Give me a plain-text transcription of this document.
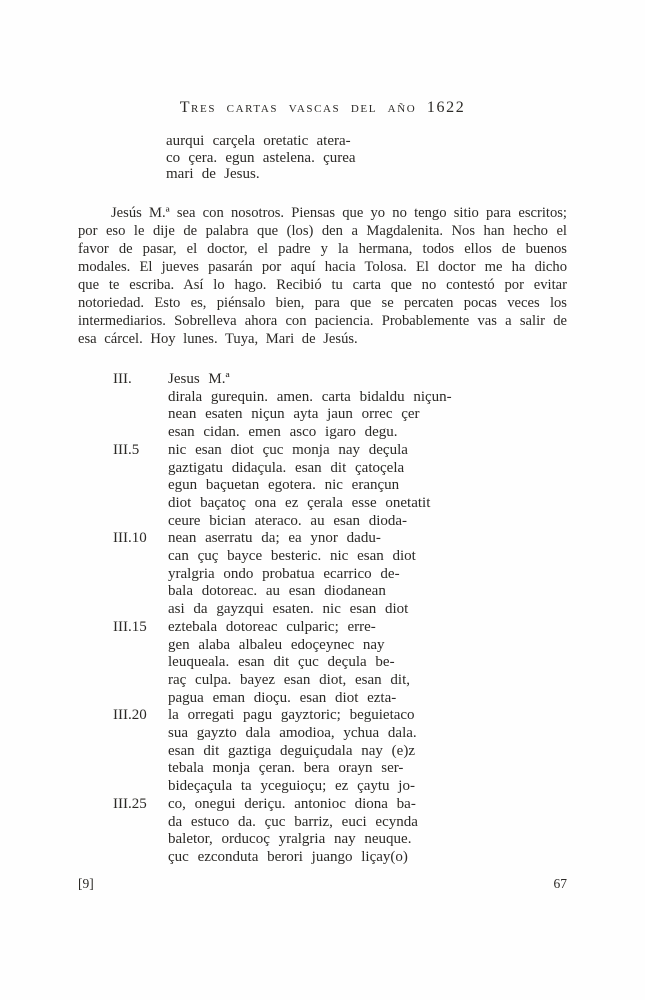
Tres cartas vascas del año 1622
aurqui carçela oretatic atera-
co çera. egun astelena. çurea
mari de Jesus.
Jesús M.ª sea con nosotros. Piensas que yo no tengo sitio para escritos;
por eso le dije de palabra que (los) den a Magdalenita. Nos han hecho el
favor de pasar, el doctor, el padre y la hermana, todos ellos de buenos
modales. El jueves pasarán por aquí hacia Tolosa. El doctor me ha dicho
que te escriba. Así lo hago. Recibió tu carta que no contestó por evitar
notoriedad. Esto es, piénsalo bien, para que se percaten pocas veces los
intermediarios. Sobrelleva ahora con paciencia. Probablemente vas a salir de
esa cárcel. Hoy lunes. Tuya, Mari de Jesús.
III.	Jesus M.ª
dirala gurequin. amen. carta bidaldu niçun-
nean esaten niçun ayta jaun orrec çer
esan cidan. emen asco igaro degu.
III.5	nic esan diot çuc monja nay deçula
gaztigatu didaçula. esan dit çatoçela
egun baçuetan egotera. nic erançun
diot baçatoç ona ez çerala esse onetatit
ceure bician ateraco. au esan dioda-
III.10	nean aserratu da; ea ynor dadu-
can çuç bayce besteric. nic esan diot
yralgria ondo probatua ecarrico de-
bala dotoreac. au esan diodanean
asi da gayzqui esaten. nic esan diot
III.15	eztebala dotoreac culparic; erre-
gen alaba albaleu edoçeynec nay
leuqueala. esan dit çuc deçula be-
raç culpa. bayez esan diot, esan dit,
pagua eman dioçu. esan diot ezta-
III.20	la orregati pagu gayztoric; beguietaco
sua gayzto dala amodioa, ychua dala.
esan dit gaztiga deguiçudala nay (e)z
tebala monja çeran. bera orayn ser-
bideçaçula ta yceguioçu; ez çaytu jo-
III.25	co, onegui deriçu. antonioc diona ba-
da estuco da. çuc barriz, euci ecynda
baletor, orducoç yralgria nay neuque.
çuc ezconduta berori juango liçay(o)
[9]	67
